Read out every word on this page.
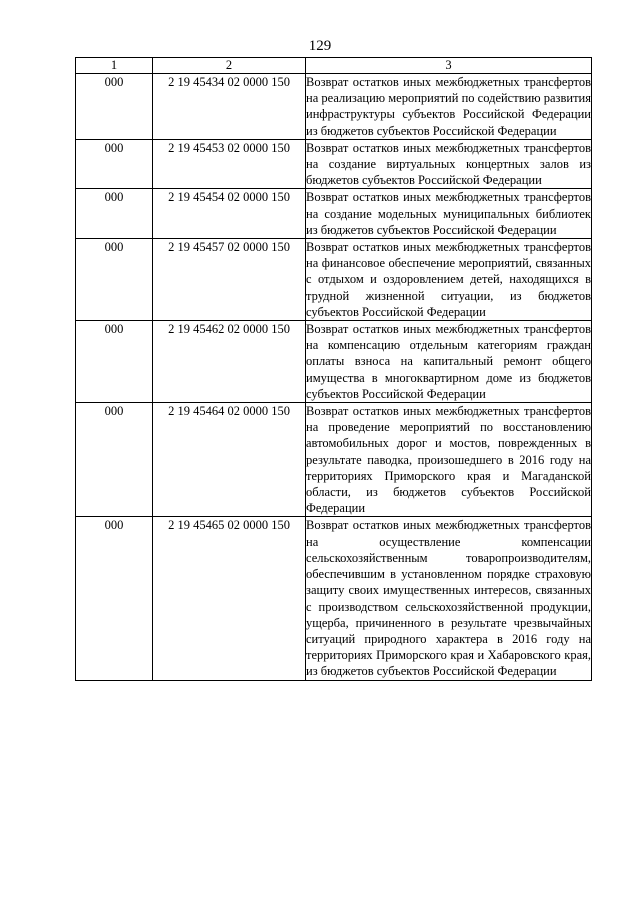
129
1	2	3
000	2 19 45434 02 0000 150	Возврат остатков иных межбюджетных трансфертов на реализацию мероприятий по содействию развития инфраструктуры субъектов Российской Федерации из бюджетов субъектов Российской Федерации
000	2 19 45453 02 0000 150	Возврат остатков иных межбюджетных трансфертов на создание виртуальных концертных залов из бюджетов субъектов Российской Федерации
000	2 19 45454 02 0000 150	Возврат остатков иных межбюджетных трансфертов на создание модельных муниципальных библиотек из бюджетов субъектов Российской Федерации
000	2 19 45457 02 0000 150	Возврат остатков иных межбюджетных трансфертов на финансовое обеспечение мероприятий, связанных с отдыхом и оздоровлением детей, находящихся в трудной жизненной ситуации, из бюджетов субъектов Российской Федерации
000	2 19 45462 02 0000 150	Возврат остатков иных межбюджетных трансфертов на компенсацию отдельным категориям граждан оплаты взноса на капитальный ремонт общего имущества в многоквартирном доме из бюджетов субъектов Российской Федерации
000	2 19 45464 02 0000 150	Возврат остатков иных межбюджетных трансфертов на проведение мероприятий по восстановлению автомобильных дорог и мостов, поврежденных в результате паводка, произошедшего в 2016 году на территориях Приморского края и Магаданской области, из бюджетов субъектов Российской Федерации
000	2 19 45465 02 0000 150	Возврат остатков иных межбюджетных трансфертов на осуществление компенсации сельскохозяйственным товаропроизводителям, обеспечившим в установленном порядке страховую защиту своих имущественных интересов, связанных с производством сельскохозяйственной продукции, ущерба, причиненного в результате чрезвычайных ситуаций природного характера в 2016 году на территориях Приморского края и Хабаровского края, из бюджетов субъектов Российской Федерации
